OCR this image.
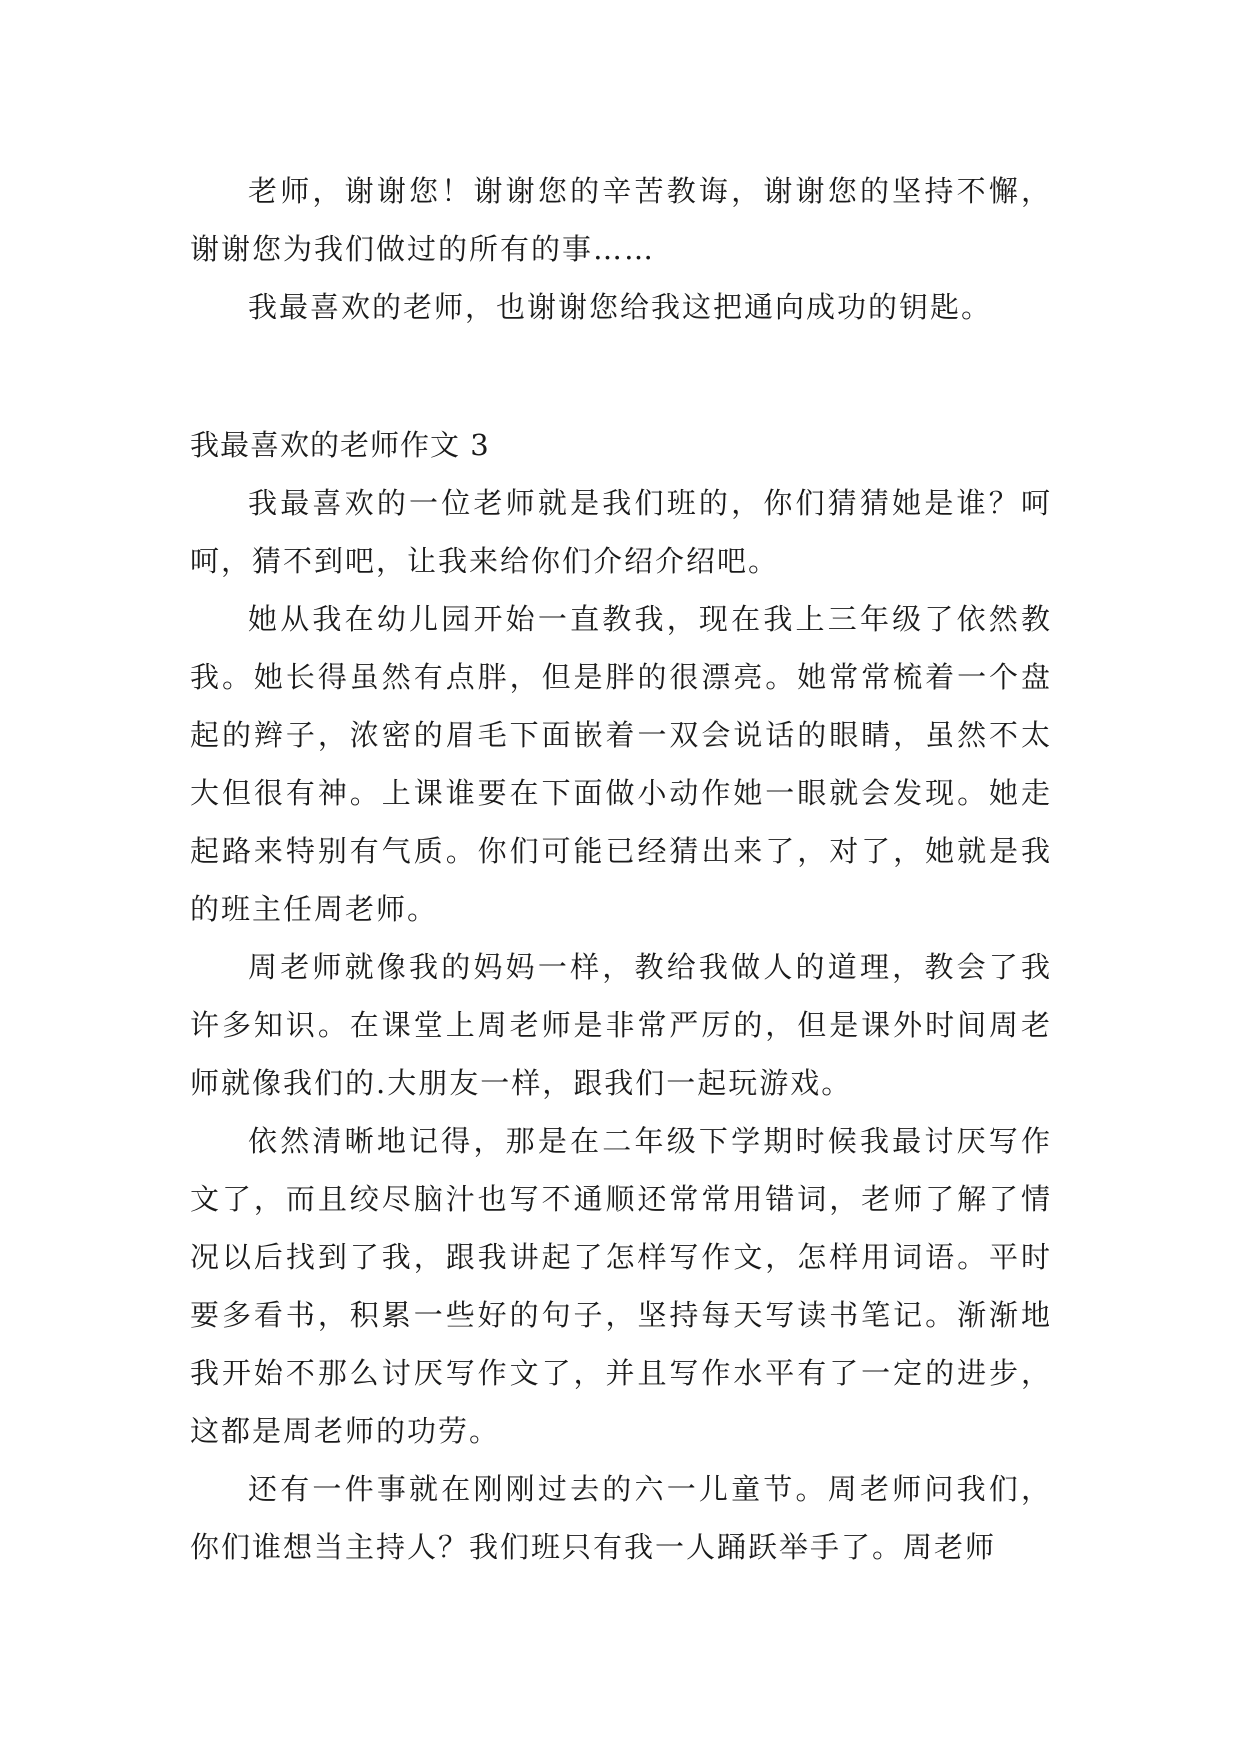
老师，谢谢您！谢谢您的辛苦教诲，谢谢您的坚持不懈，谢谢您为我们做过的所有的事……

我最喜欢的老师，也谢谢您给我这把通向成功的钥匙。

我最喜欢的老师作文 3

我最喜欢的一位老师就是我们班的，你们猜猜她是谁？呵呵，猜不到吧，让我来给你们介绍介绍吧。

她从我在幼儿园开始一直教我，现在我上三年级了依然教我。她长得虽然有点胖，但是胖的很漂亮。她常常梳着一个盘起的辫子，浓密的眉毛下面嵌着一双会说话的眼睛，虽然不太大但很有神。上课谁要在下面做小动作她一眼就会发现。她走起路来特别有气质。你们可能已经猜出来了，对了，她就是我的班主任周老师。

周老师就像我的妈妈一样，教给我做人的道理，教会了我许多知识。在课堂上周老师是非常严厉的，但是课外时间周老师就像我们的.大朋友一样，跟我们一起玩游戏。

依然清晰地记得，那是在二年级下学期时候我最讨厌写作文了，而且绞尽脑汁也写不通顺还常常用错词，老师了解了情况以后找到了我，跟我讲起了怎样写作文，怎样用词语。平时要多看书，积累一些好的句子，坚持每天写读书笔记。渐渐地我开始不那么讨厌写作文了，并且写作水平有了一定的进步，这都是周老师的功劳。

还有一件事就在刚刚过去的六一儿童节。周老师问我们，你们谁想当主持人？我们班只有我一人踊跃举手了。周老师
